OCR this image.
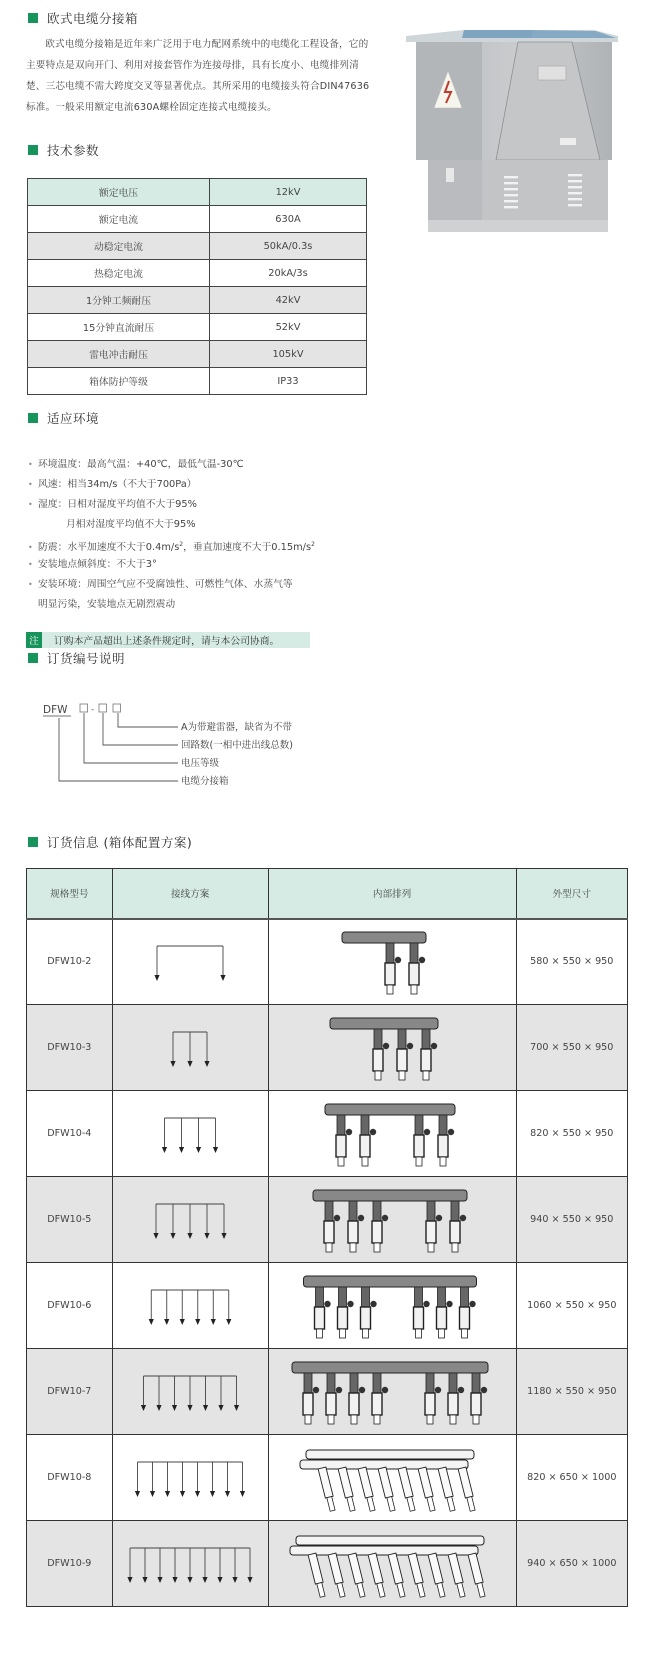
欧式电缆分接箱

欧式电缆分接箱是近年来广泛用于电力配网系统中的电缆化工程设备，它的主要特点是双向开门、利用对接套管作为连接母排，具有长度小、电缆排列清楚、三芯电缆不需大跨度交叉等显著优点。其所采用的电缆接头符合DIN47636标准。一般采用额定电流630A螺栓固定连接式电缆接头。

技术参数
额定电压	12kV
额定电流	630A
动稳定电流	50kA/0.3s
热稳定电流	20kA/3s
1分钟工频耐压	42kV
15分钟直流耐压	52kV
雷电冲击耐压	105kV
箱体防护等级	IP33
适应环境
• 环境温度：最高气温：+40℃，最低气温-30℃
• 风速：相当34m/s（不大于700Pa）
• 湿度：日相对湿度平均值不大于95%
月相对湿度平均值不大于95%
• 防震：水平加速度不大于$0.4m/s^2$，垂直加速度不大于$0.15m/s^2$
• 安装地点倾斜度：不大于3°
• 安装环境：周围空气应不受腐蚀性、可燃性气体、水蒸气等
明显污染，安装地点无剧烈震动
注	订购本产品超出上述条件规定时，请与本公司协商。
订货编号说明
DFW	-
A为带避雷器，缺省为不带
回路数(一相中进出线总数)
电压等级
电缆分接箱
订货信息 (箱体配置方案)
规格型号	接线方案	内部排列	外型尺寸
DFW10-2			580 × 550 × 950
DFW10-3			700 × 550 × 950
DFW10-4			820 × 550 × 950
DFW10-5			940 × 550 × 950
DFW10-6			1060 × 550 × 950
DFW10-7			1180 × 550 × 950
DFW10-8			820 × 650 × 1000
DFW10-9			940 × 650 × 1000
